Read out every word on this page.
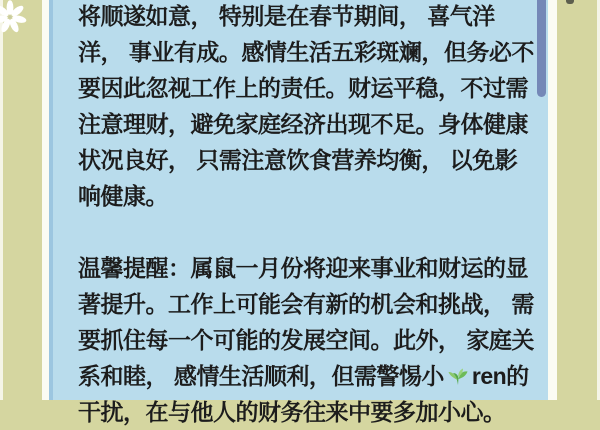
将顺遂如意， 特别是在春节期间， 喜气洋
洋， 事业有成。感情生活五彩斑斓，但务必不
要因此忽视工作上的责任。财运平稳，不过需
注意理财，避免家庭经济出现不足。身体健康
状况良好， 只需注意饮食营养均衡， 以免影
响健康。
温馨提醒：属鼠一月份将迎来事业和财运的显
著提升。工作上可能会有新的机会和挑战， 需
要抓住每一个可能的发展空间。此外， 家庭关
系和睦， 感情生活顺利，但需警惕小 ren的
干扰，在与他人的财务往来中要多加小心。
